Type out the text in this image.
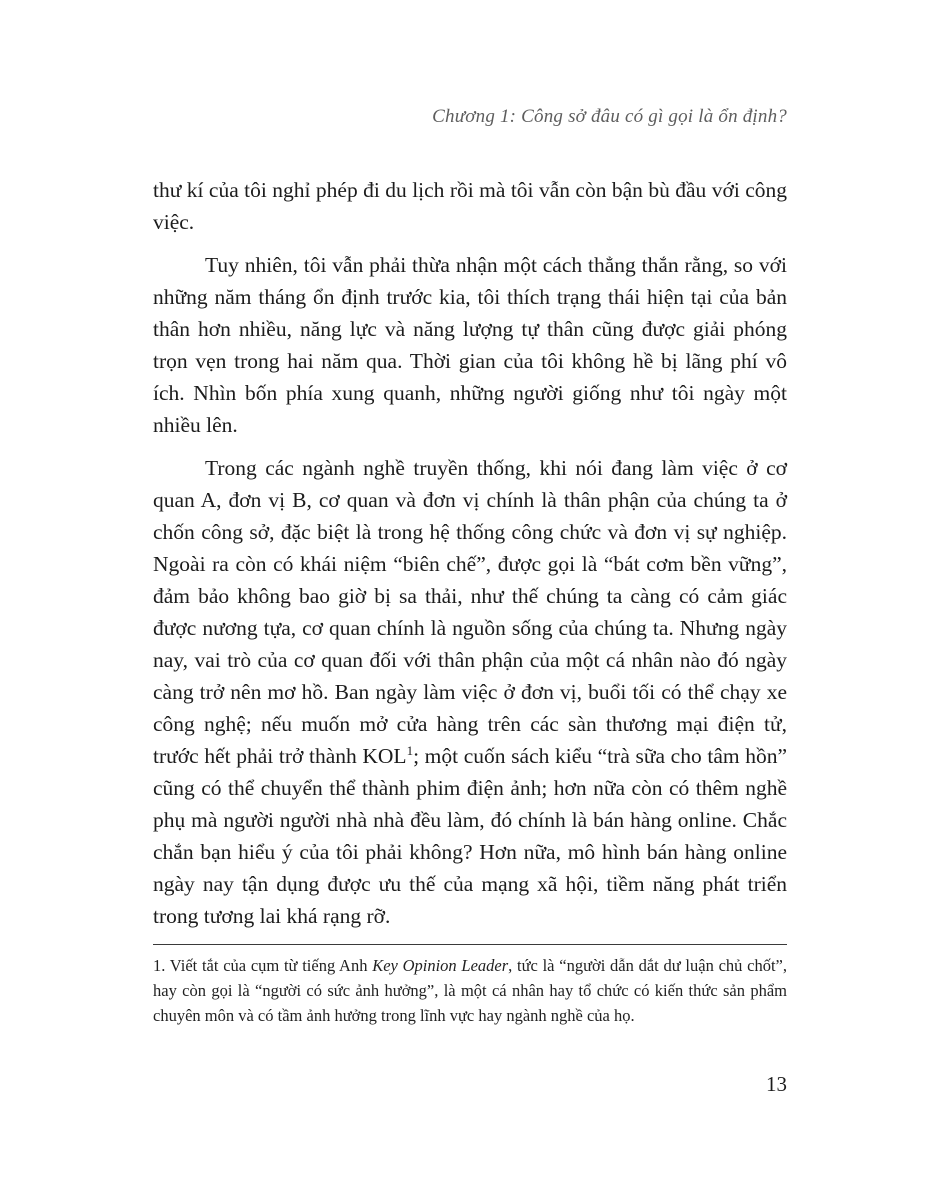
Chương 1: Công sở đâu có gì gọi là ổn định?

thư kí của tôi nghỉ phép đi du lịch rồi mà tôi vẫn còn bận bù đầu với công việc.

Tuy nhiên, tôi vẫn phải thừa nhận một cách thẳng thắn rằng, so với những năm tháng ổn định trước kia, tôi thích trạng thái hiện tại của bản thân hơn nhiều, năng lực và năng lượng tự thân cũng được giải phóng trọn vẹn trong hai năm qua. Thời gian của tôi không hề bị lãng phí vô ích. Nhìn bốn phía xung quanh, những người giống như tôi ngày một nhiều lên.

Trong các ngành nghề truyền thống, khi nói đang làm việc ở cơ quan A, đơn vị B, cơ quan và đơn vị chính là thân phận của chúng ta ở chốn công sở, đặc biệt là trong hệ thống công chức và đơn vị sự nghiệp. Ngoài ra còn có khái niệm “biên chế”, được gọi là “bát cơm bền vững”, đảm bảo không bao giờ bị sa thải, như thế chúng ta càng có cảm giác được nương tựa, cơ quan chính là nguồn sống của chúng ta. Nhưng ngày nay, vai trò của cơ quan đối với thân phận của một cá nhân nào đó ngày càng trở nên mơ hồ. Ban ngày làm việc ở đơn vị, buổi tối có thể chạy xe công nghệ; nếu muốn mở cửa hàng trên các sàn thương mại điện tử, trước hết phải trở thành KOL$^1$; một cuốn sách kiểu “trà sữa cho tâm hồn” cũng có thể chuyển thể thành phim điện ảnh; hơn nữa còn có thêm nghề phụ mà người người nhà nhà đều làm, đó chính là bán hàng online. Chắc chắn bạn hiểu ý của tôi phải không? Hơn nữa, mô hình bán hàng online ngày nay tận dụng được ưu thế của mạng xã hội, tiềm năng phát triển trong tương lai khá rạng rỡ.

1. Viết tắt của cụm từ tiếng Anh Key Opinion Leader, tức là “người dẫn dắt dư luận chủ chốt”, hay còn gọi là “người có sức ảnh hưởng”, là một cá nhân hay tổ chức có kiến thức sản phẩm chuyên môn và có tầm ảnh hưởng trong lĩnh vực hay ngành nghề của họ.
13
